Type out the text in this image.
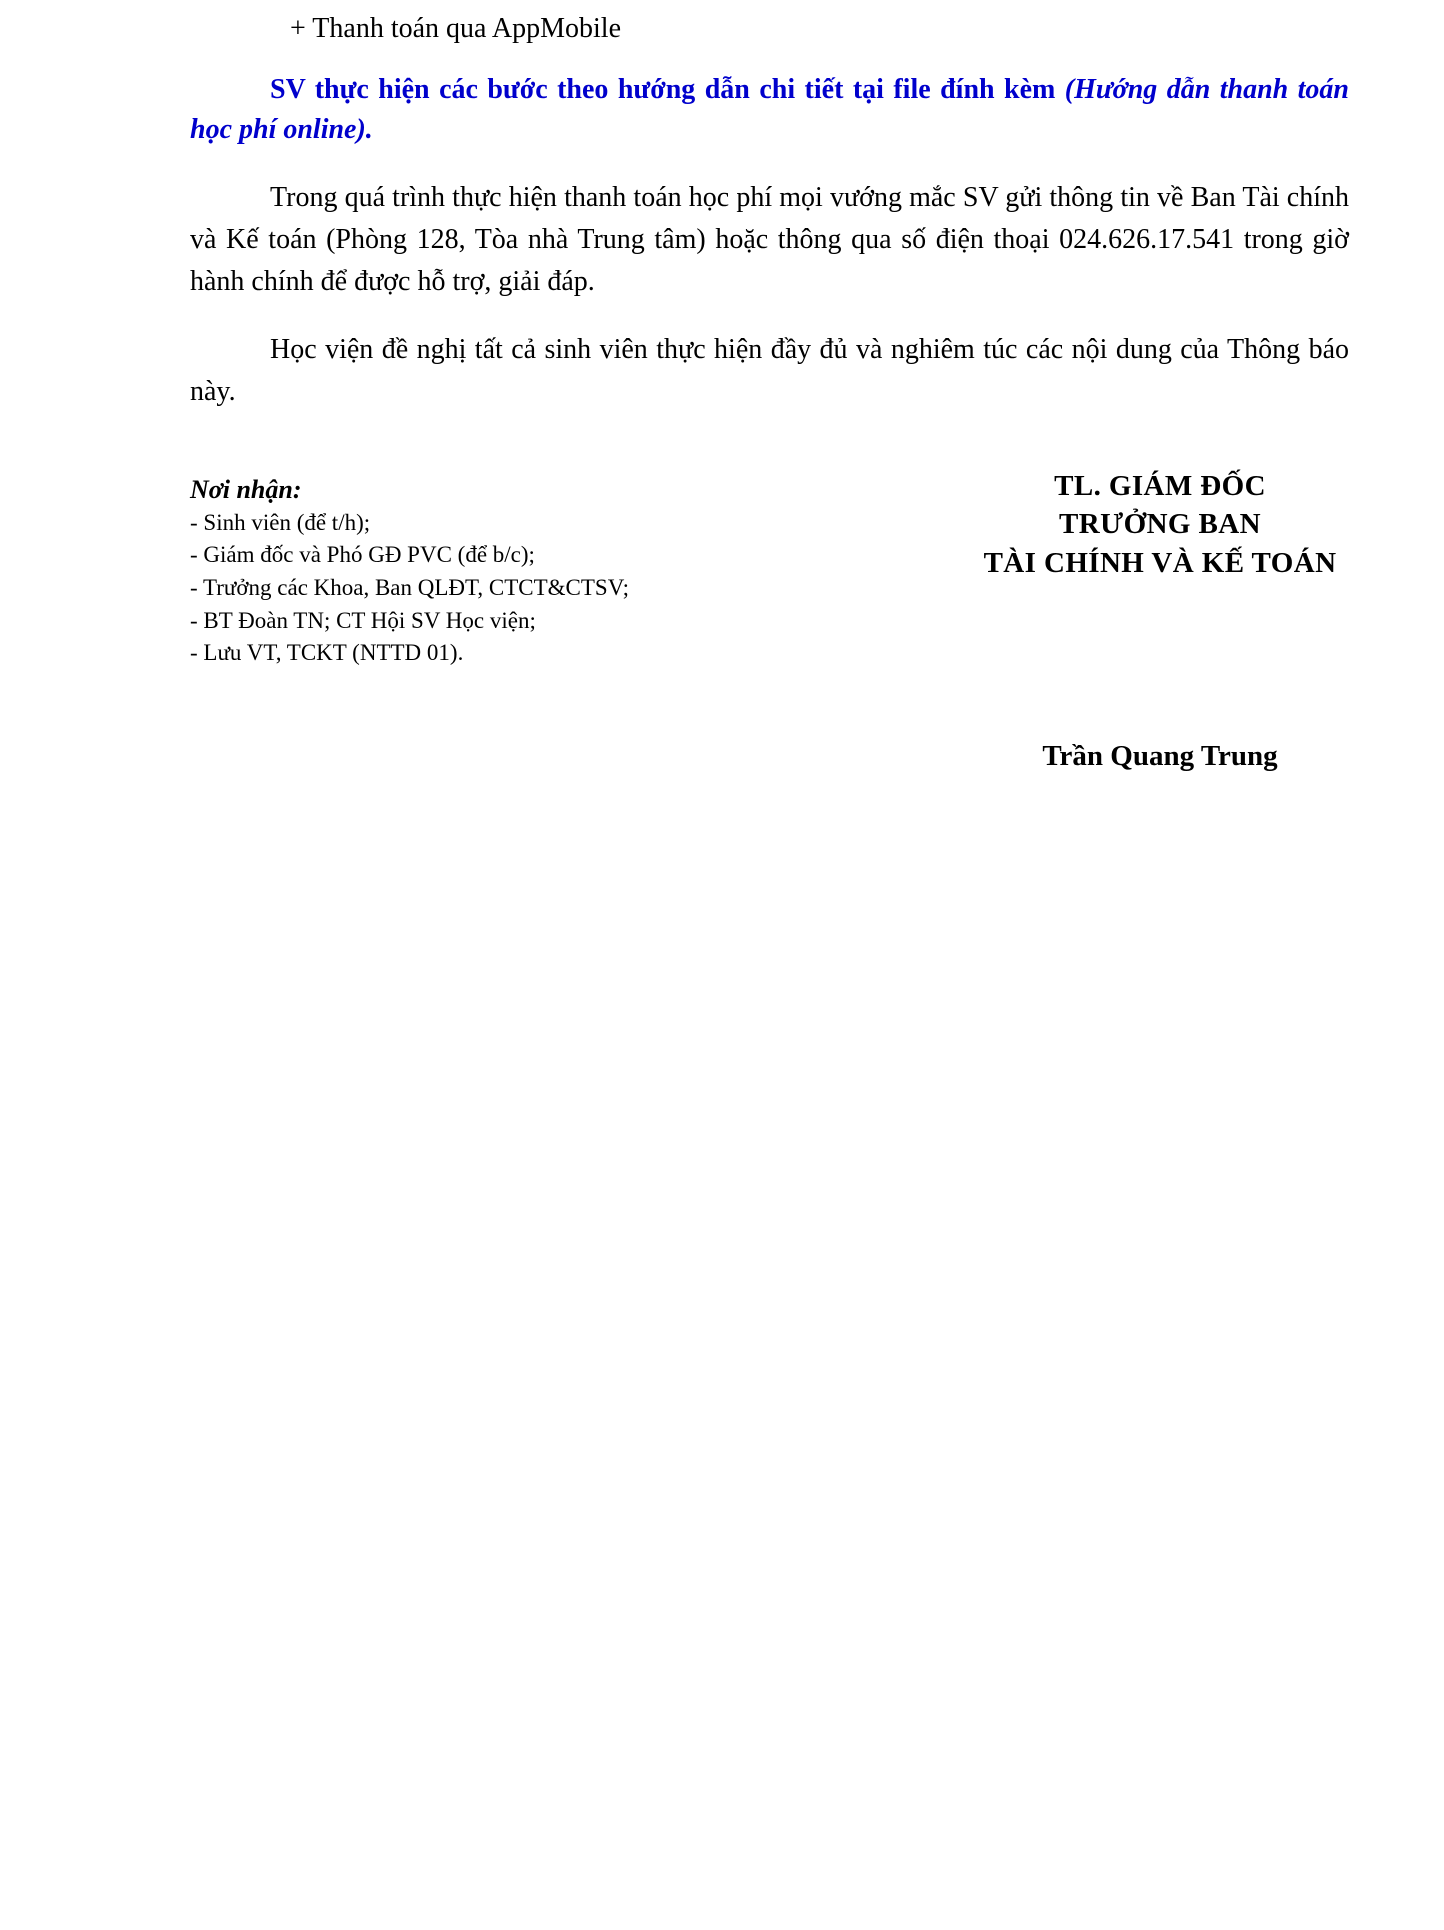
+ Thanh toán qua AppMobile

SV thực hiện các bước theo hướng dẫn chi tiết tại file đính kèm (Hướng dẫn thanh toán học phí online).

Trong quá trình thực hiện thanh toán học phí mọi vướng mắc SV gửi thông tin về Ban Tài chính và Kế toán (Phòng 128, Tòa nhà Trung tâm) hoặc thông qua số điện thoại 024.626.17.541 trong giờ hành chính để được hỗ trợ, giải đáp.

Học viện đề nghị tất cả sinh viên thực hiện đầy đủ và nghiêm túc các nội dung của Thông báo này.

Nơi nhận:
- Sinh viên (để t/h);
- Giám đốc và Phó GĐ PVC (để b/c);
- Trưởng các Khoa, Ban QLĐT, CTCT&CTSV;
- BT Đoàn TN; CT Hội SV Học viện;
- Lưu VT, TCKT (NTTD 01).
TL. GIÁM ĐỐC
TRƯỞNG BAN
TÀI CHÍNH VÀ KẾ TOÁN
Trần Quang Trung
